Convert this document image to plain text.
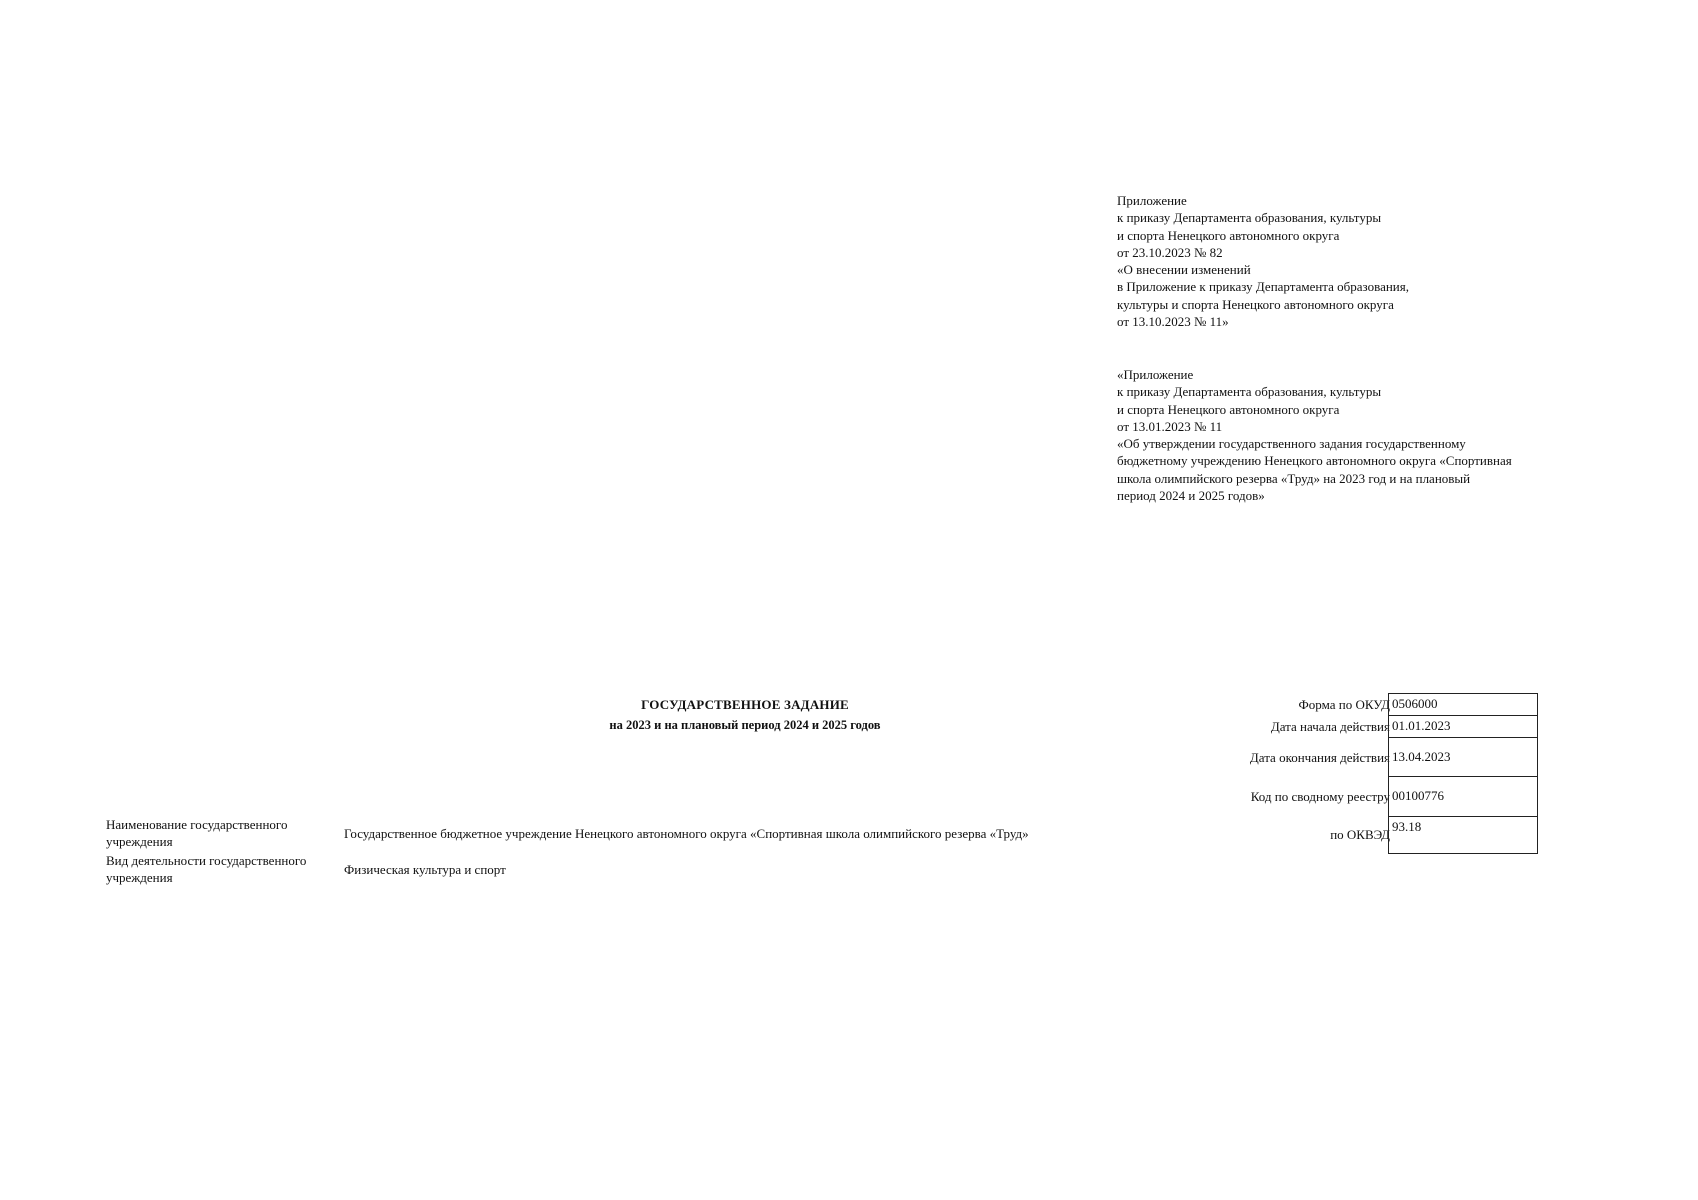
Приложение
к приказу Департамента образования, культуры
и спорта Ненецкого автономного округа
от 23.10.2023 № 82
«О внесении изменений
в Приложение к приказу Департамента образования,
культуры и спорта Ненецкого автономного округа
от 13.10.2023 № 11»
«Приложение
к приказу Департамента образования, культуры
и спорта Ненецкого автономного округа
от 13.01.2023 № 11
«Об утверждении государственного задания государственному
бюджетному учреждению Ненецкого автономного округа «Спортивная
школа олимпийского резерва «Труд» на 2023 год и на плановый
период 2024 и 2025 годов»
ГОСУДАРСТВЕННОЕ ЗАДАНИЕ
на 2023 и на плановый период 2024 и 2025 годов
Наименование государственного
учреждения	Государственное бюджетное учреждение Ненецкого автономного округа «Спортивная школа олимпийского резерва «Труд»
Вид деятельности государственного
учреждения	Физическая культура и спорт
Форма по ОКУД
Дата начала действия
Дата окончания действия
Код по сводному реестру
по ОКВЭД
0506000
01.01.2023
13.04.2023
00100776
93.18
